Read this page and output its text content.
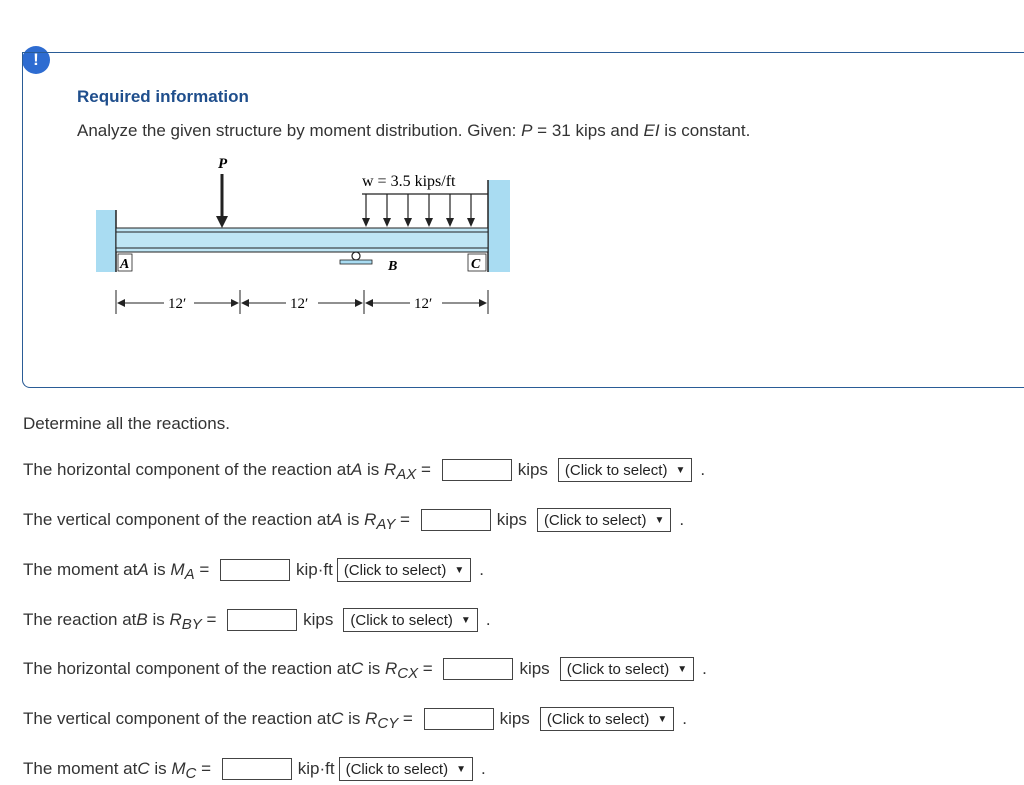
!
Required information
Analyze the given structure by moment distribution. Given: P = 31 kips and EI is constant.
P
w = 3.5 kips/ft
A	B	C
12′	12′	12′
Determine all the reactions.
The horizontal component of the reaction at A is R AX =	kips (Click to select) ▼ .
The vertical component of the reaction at A is R AY =	kips (Click to select) ▼ .
The moment at A is M A =	kip·ft (Click to select) ▼ .
The reaction at B is R BY =	kips (Click to select) ▼ .
The horizontal component of the reaction at C is R CX =	kips (Click to select) ▼ .
The vertical component of the reaction at C is R CY =	kips (Click to select) ▼ .
The moment at C is M C =	kip·ft (Click to select) ▼ .
